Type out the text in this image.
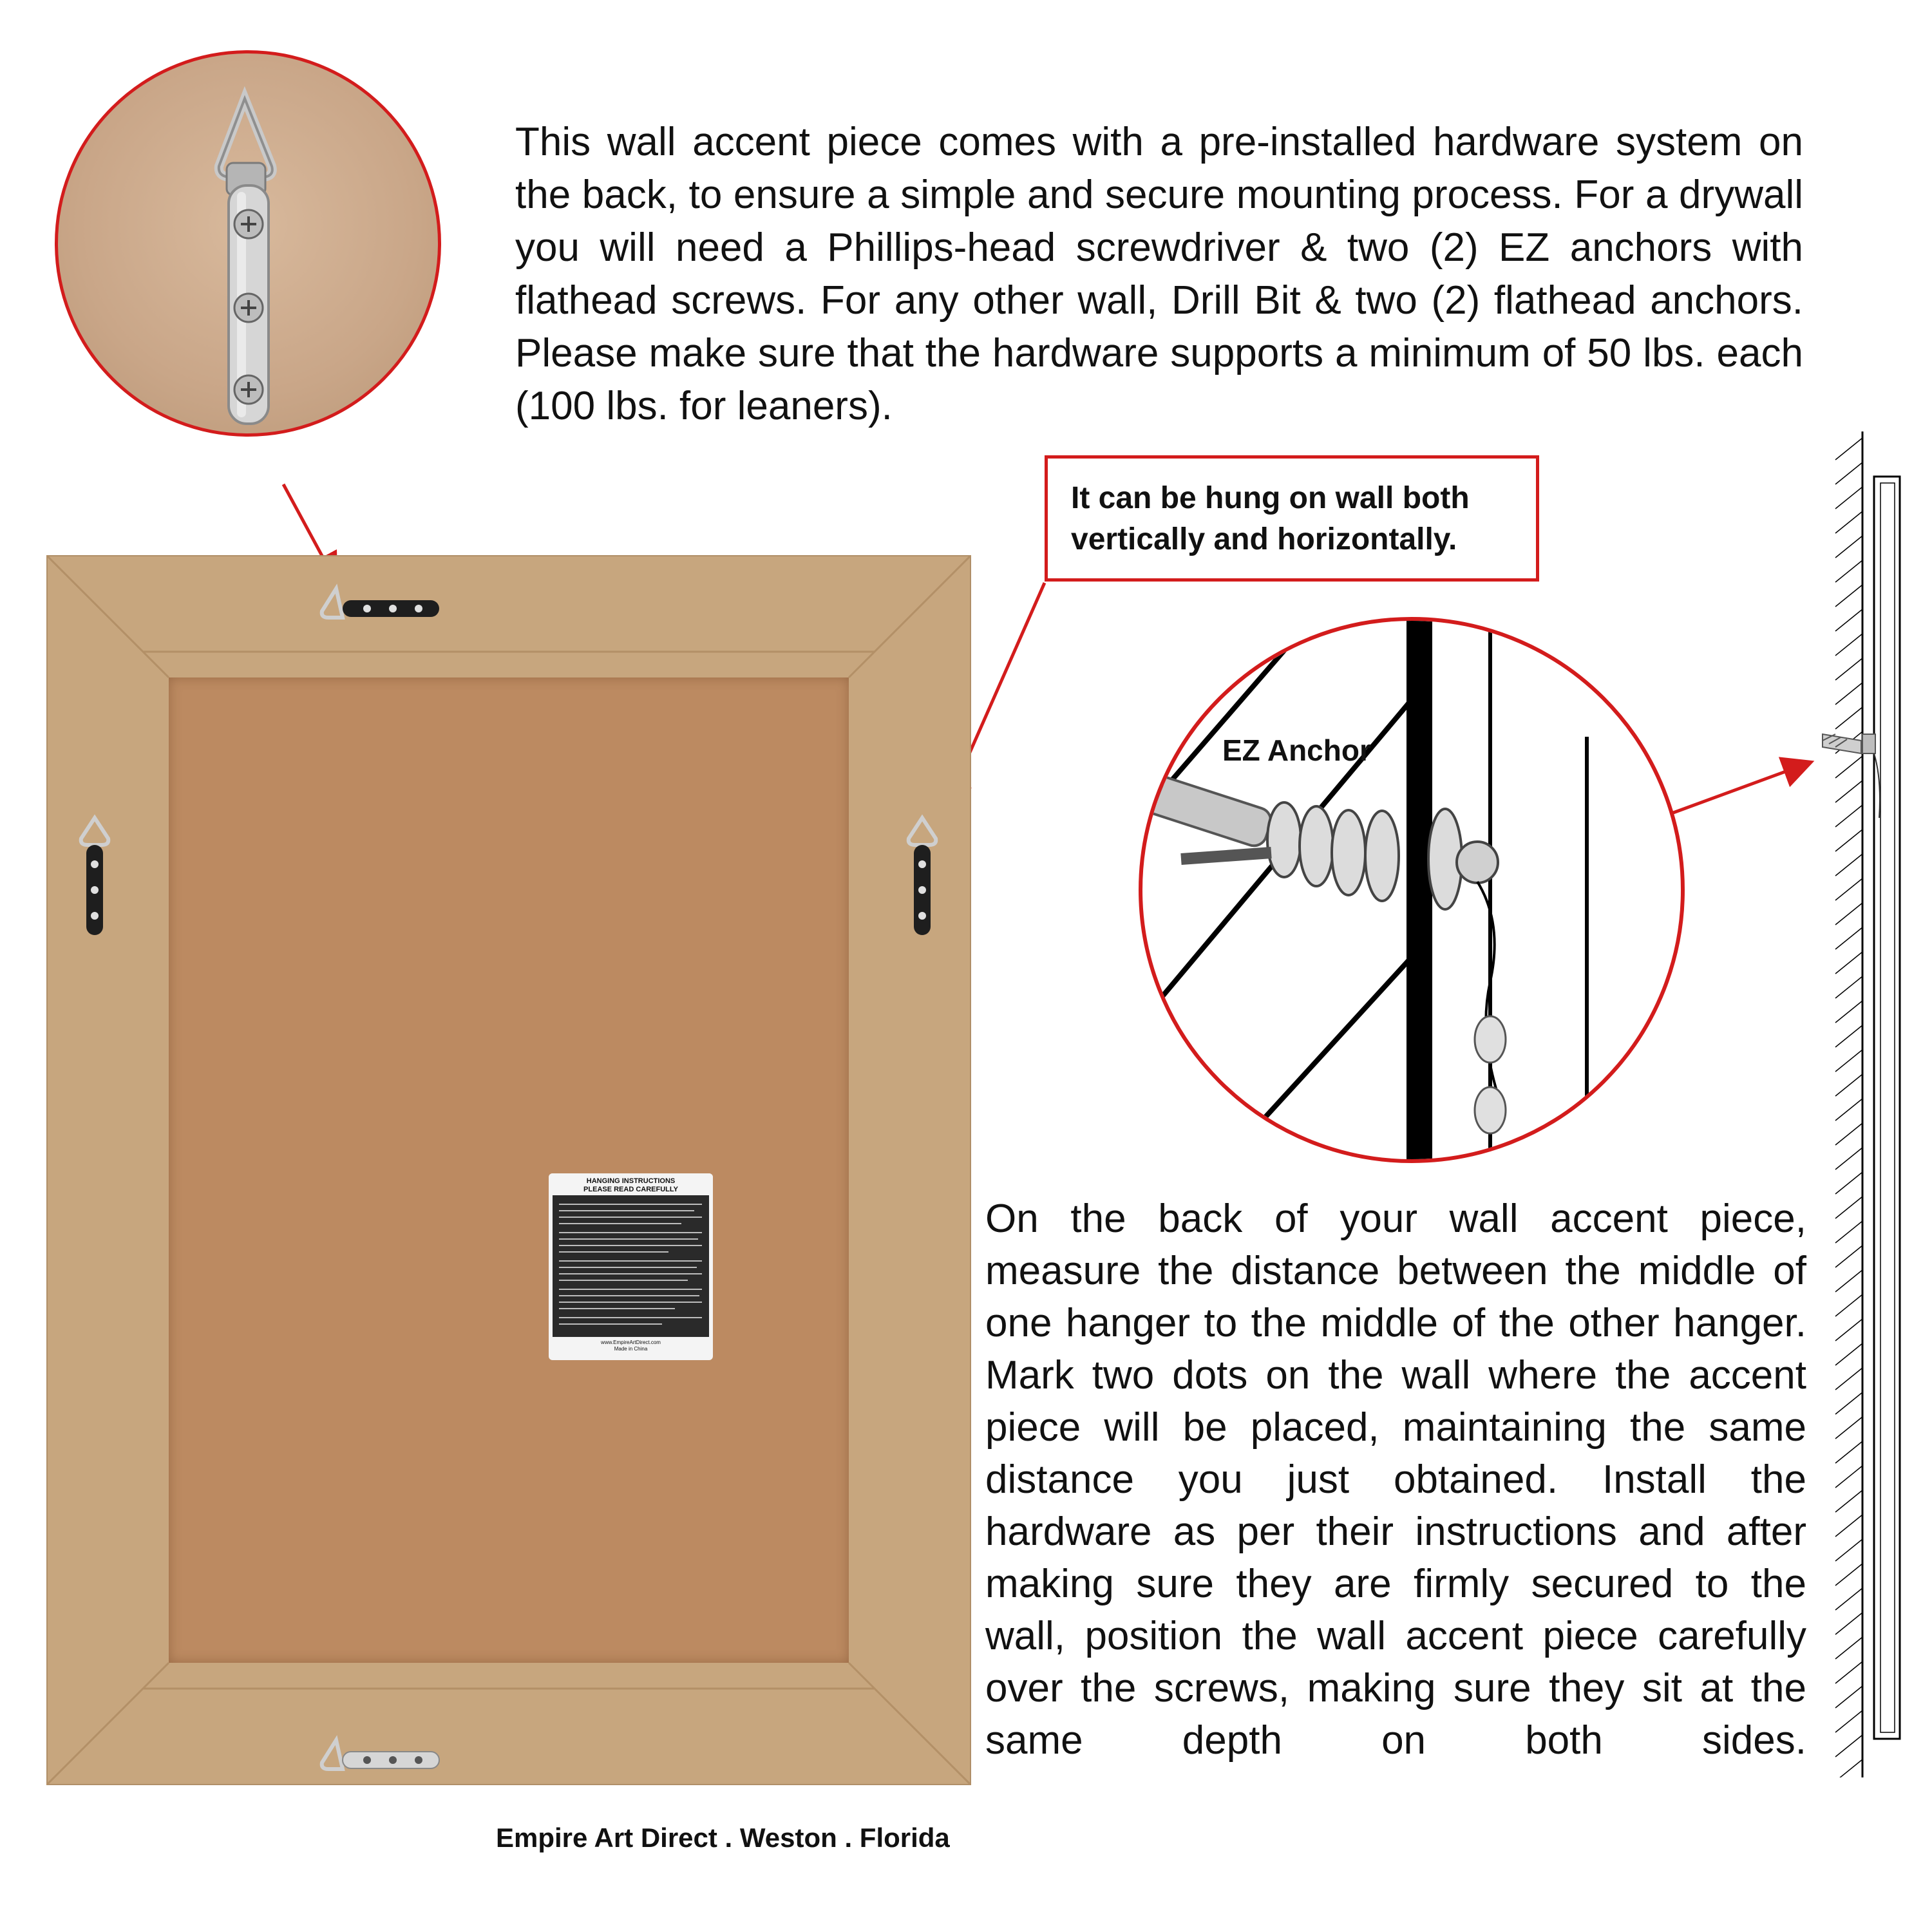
This wall accent piece comes with a pre-installed hardware system on the back, to ensure a simple and secure mounting process. For a drywall you will need a Phillips-head screwdriver & two (2) EZ anchors with flathead screws. For any other wall, Drill Bit & two (2) flathead anchors. Please make sure that the hardware supports a minimum of 50 lbs. each (100 lbs. for leaners).
HANGING INSTRUCTIONS
PLEASE READ CAREFULLY
www.EmpireArtDirect.com
Made in China
It can be hung on wall both vertically and horizontally.
EZ Anchor
On the back of your wall accent piece, measure the distance between the middle of one hanger to the middle of the other hanger. Mark two dots on the wall where the accent piece will be placed, maintaining the same distance you just obtained. Install the hardware as per their instructions and after making sure they are firmly secured to the wall, position the wall accent piece carefully over the screws, making sure they sit at the same depth on both sides.
Empire Art Direct . Weston . Florida
